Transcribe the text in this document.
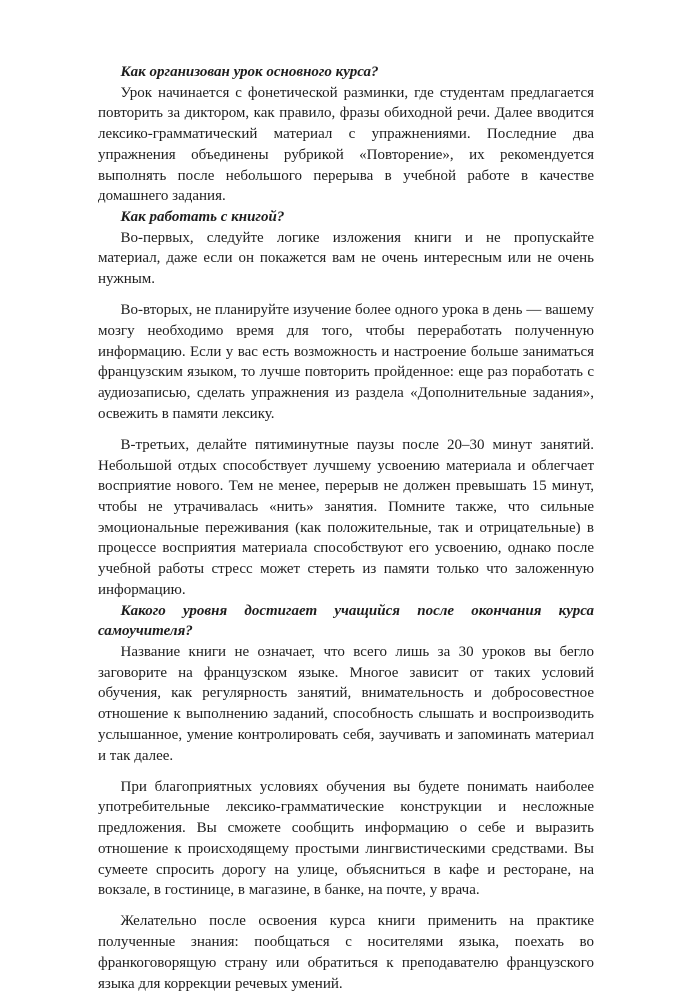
Как организован урок основного курса?

Урок начинается с фонетической разминки, где студентам предлагается повторить за диктором, как правило, фразы обиходной речи. Далее вводится лексико-грамматический материал с упражнениями. Последние два упражнения объединены рубрикой «Повторение», их рекомендуется выполнять после небольшого перерыва в учебной работе в качестве домашнего задания.

Как работать с книгой?

Во-первых, следуйте логике изложения книги и не пропускайте материал, даже если он покажется вам не очень интересным или не очень нужным.

Во-вторых, не планируйте изучение более одного урока в день — вашему мозгу необходимо время для того, чтобы переработать полученную информацию. Если у вас есть возможность и настроение больше заниматься французским языком, то лучше повторить пройденное: еще раз поработать с аудиозаписью, сделать упражнения из раздела «Дополнительные задания», освежить в памяти лексику.

В-третьих, делайте пятиминутные паузы после 20–30 минут занятий. Небольшой отдых способствует лучшему усвоению материала и облегчает восприятие нового. Тем не менее, перерыв не должен превышать 15 минут, чтобы не утрачивалась «нить» занятия. Помните также, что сильные эмоциональные переживания (как положительные, так и отрицательные) в процессе восприятия материала способствуют его усвоению, однако после учебной работы стресс может стереть из памяти только что заложенную информацию.

Какого уровня достигает учащийся после окончания курса самоучителя?

Название книги не означает, что всего лишь за 30 уроков вы бегло заговорите на французском языке. Многое зависит от таких условий обучения, как регулярность занятий, внимательность и добросовестное отношение к выполнению заданий, способность слышать и воспроизводить услышанное, умение контролировать себя, заучивать и запоминать материал и так далее.

При благоприятных условиях обучения вы будете понимать наиболее употребительные лексико-грамматические конструкции и несложные предложения. Вы сможете сообщить информацию о себе и выразить отношение к происходящему простыми лингвистическими средствами. Вы сумеете спросить дорогу на улице, объясниться в кафе и ресторане, на вокзале, в гостинице, в магазине, в банке, на почте, у врача.

Желательно после освоения курса книги применить на практике полученные знания: пообщаться с носителями языка, поехать во франкоговорящую страну или обратиться к преподавателю французского языка для коррекции речевых умений.
